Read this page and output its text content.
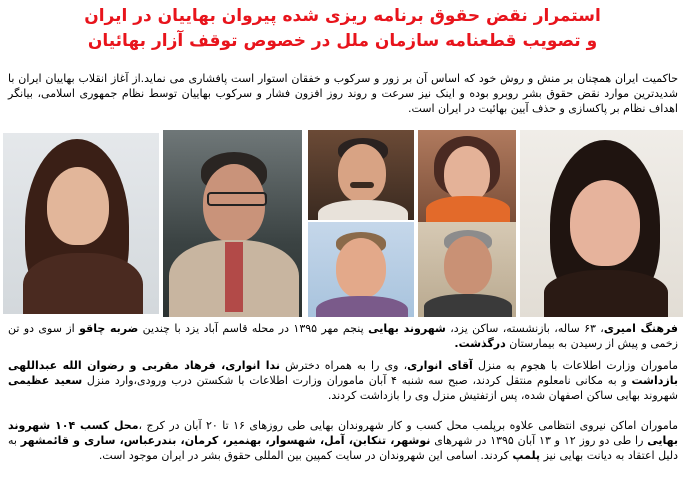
استمرار نقض حقوق برنامه ریزی شده پیروان بهاییان در ایران
و تصویب قطعنامه سازمان ملل در خصوص توقف آزار بهائیان
حاکمیت ایران همچنان بر منش و روش خود که اساس آن بر زور و سرکوب و خفقان استوار است پافشاری می نماید.از آغاز انقلاب بهاییان ایران با شدیدترین موارد نقض حقوق بشر روبرو بوده و اینک نیز سرعت و روند روز افزون فشار و سرکوب بهاییان توسط نظام جمهوری اسلامی، بیانگر اهداف نظام بر پاکسازی و حذف آیین بهائیت در ایران است.
فرهنگ امیری، ۶۳ ساله، بازنشسته، ساکن یزد، شهروند بهایی پنجم مهر ۱۳۹۵ در محله قاسم آباد یزد با چندین ضربه چاقو از سوی دو تن زخمی و پیش از رسیدن به بیمارستان درگذشت.
ماموران وزارت اطلاعات با هجوم به منزل آقای انواری، وی را به همراه دخترش ندا انواری، فرهاد مقربی و رضوان الله عبداللهی بازداشت و به مکانی نامعلوم منتقل کردند، صبح سه شنبه ۴ آبان ماموران وزارت اطلاعات با شکستن درب ورودی،وارد منزل سعید عظیمی شهروند بهایی ساکن اصفهان شده، پس ازتفتیش منزل وی را بازداشت کردند.
ماموران اماکن نیروی انتظامی علاوه برپلمب محل کسب و کار شهروندان بهایی طی روزهای ۱۶ تا ۲۰ آبان در کرج ،محل کسب ۱۰۴ شهروند بهایی را طی دو روز ۱۲ و ۱۳ آبان ۱۳۹۵ در شهرهای نوشهر، تنکابن، آمل، شهسوار، بهنمیر، کرمان، بندرعباس، ساری و قائمشهر به دلیل اعتقاد به دیانت بهایی نیز پلمپ کردند. اسامی این شهروندان در سایت کمپین بین المللی حقوق بشر در ایران موجود است.
